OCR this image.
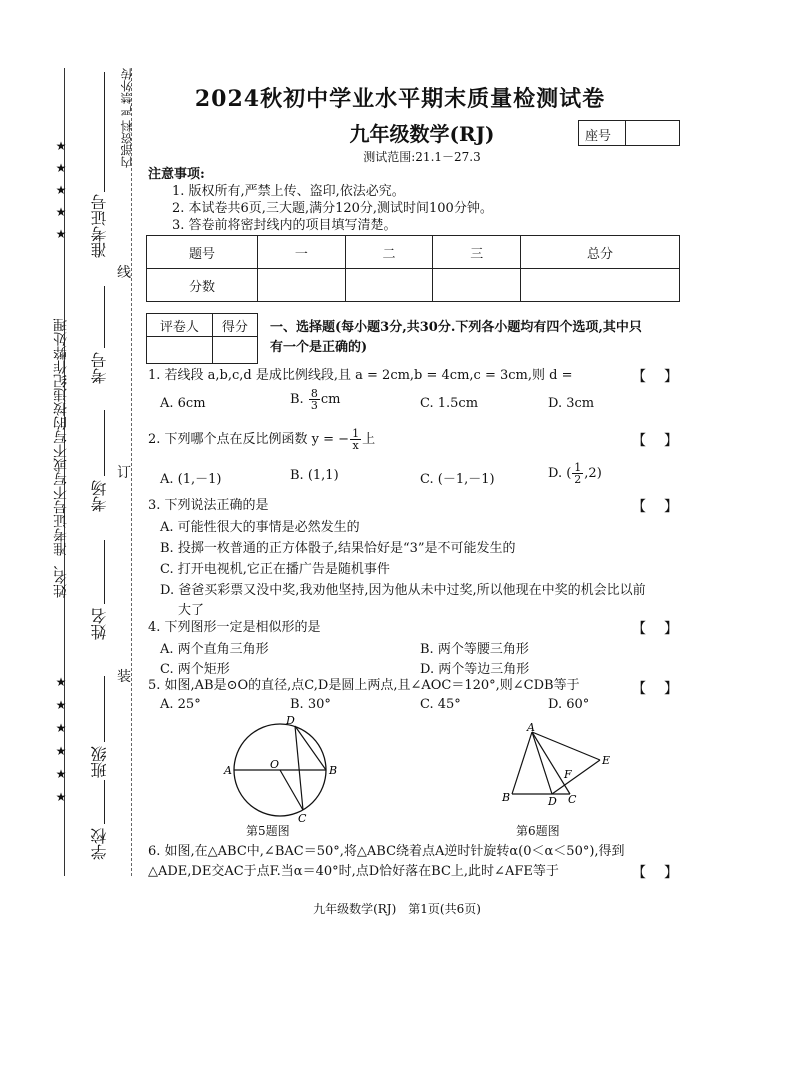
★
★
★
★
★
姓名、准考证号不写或不写的按违纪作弊处理
★
★
★
★
★
★
准考证号
考号
考场
姓名
班级
学校
内部资料 严禁外传
线
订
装
2024秋初中学业水平期末质量检测试卷
九年级数学(RJ)	座号
测试范围:21.1－27.3

注意事项:

1. 版权所有,严禁上传、盗印,依法必究。

2. 本试卷共6页,三大题,满分120分,测试时间100分钟。

3. 答卷前将密封线内的项目填写清楚。

题号	一	二	三	总分
分数				
评卷人	得分
	一、选择题(每小题3分,共30分.下列各小题均有四个选项,其中只
有一个是正确的)
1. 若线段 a,b,c,d 是成比例线段,且 a = 2cm,b = 4cm,c = 3cm,则 d =	【　】
A. 6cm	B. $\frac{8}{3}$ cm	C. 1.5cm	D. 3cm
2. 下列哪个点在反比例函数 y = − $\frac{1}{x}$ 上	【　】
A. (1,－1)	B. (1,1)	C. (－1,－1)	D. ( $\frac{1}{2} ,2$)
3. 下列说法正确的是	【　】
A. 可能性很大的事情是必然发生的
B. 投掷一枚普通的正方体骰子,结果恰好是“3”是不可能发生的
C. 打开电视机,它正在播广告是随机事件
D. 爸爸买彩票又没中奖,我劝他坚持,因为他从未中过奖,所以他现在中奖的机会比以前
大了
4. 下列图形一定是相似形的是	【　】
A. 两个直角三角形	B. 两个等腰三角形
C. 两个矩形	D. 两个等边三角形
5. 如图,AB是⊙O的直径,点C,D是圆上两点,且∠AOC＝120°,则∠CDB等于	【　】
A. 25°	B. 30°	C. 45°	D. 60°
A	B
O
D
C
第5题图
A
B	D C
E
F
第6题图
6. 如图,在△ABC中,∠BAC＝50°,将△ABC绕着点A逆时针旋转α(0＜α＜50°),得到
△ADE,DE交AC于点F.当α＝40°时,点D恰好落在BC上,此时∠AFE等于	【　】
九年级数学(RJ)　第1页(共6页)
